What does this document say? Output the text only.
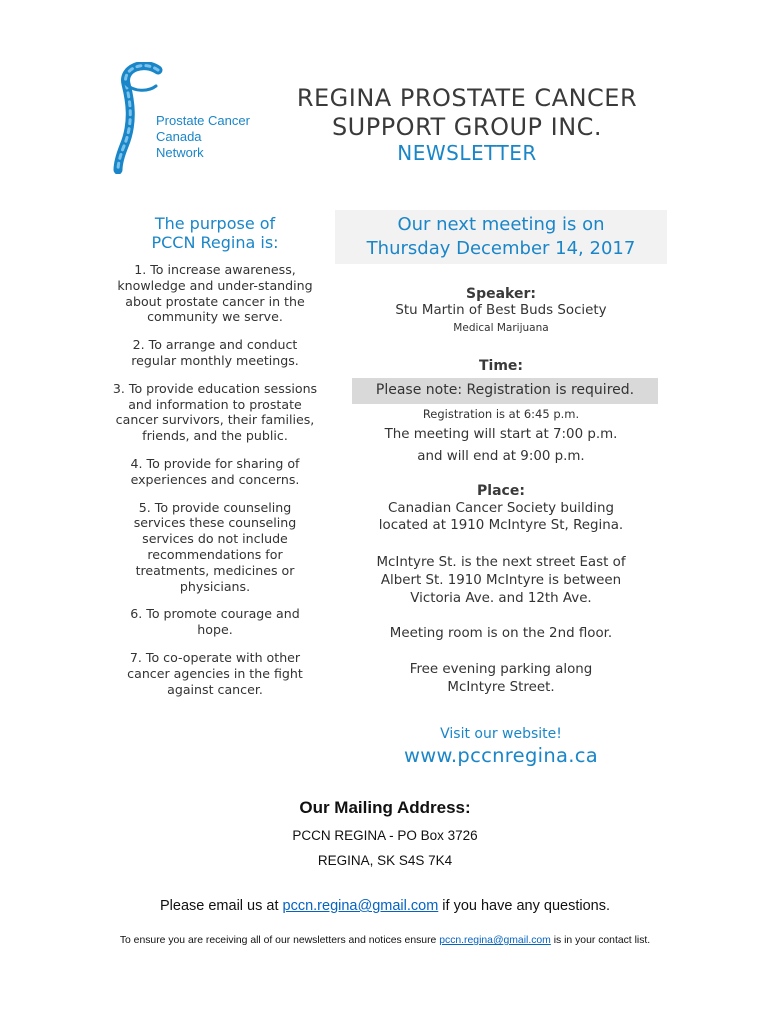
Prostate Cancer
Canada
Network
REGINA PROSTATE CANCER
SUPPORT GROUP INC.
NEWSLETTER
The purpose of
PCCN Regina is:
1. To increase awareness, knowledge and under-standing about prostate cancer in the community we serve.
2. To arrange and conduct regular monthly meetings.
3. To provide education sessions and information to prostate cancer survivors, their families, friends, and the public.
4. To provide for sharing of experiences and concerns.
5. To provide counseling services these counseling services do not include recommendations for treatments, medicines or physicians.
6. To promote courage and hope.
7. To co-operate with other cancer agencies in the fight against cancer.
Our next meeting is on
Thursday December 14, 2017
Speaker:
Stu Martin of Best Buds Society
Medical Marijuana
Time:
Please note: Registration is required.
Registration is at 6:45 p.m.
The meeting will start at 7:00 p.m.
and will end at 9:00 p.m.
Place:
Canadian Cancer Society building
located at 1910 McIntyre St, Regina.
McIntyre St. is the next street East of
Albert St. 1910 McIntyre is between
Victoria Ave. and 12th Ave.
Meeting room is on the 2nd floor.
Free evening parking along
McIntyre Street.
Visit our website!
www.pccnregina.ca
Our Mailing Address:
PCCN REGINA - PO Box 3726
REGINA, SK S4S 7K4
Please email us at pccn.regina@gmail.com if you have any questions.
To ensure you are receiving all of our newsletters and notices ensure pccn.regina@gmail.com is in your contact list.
